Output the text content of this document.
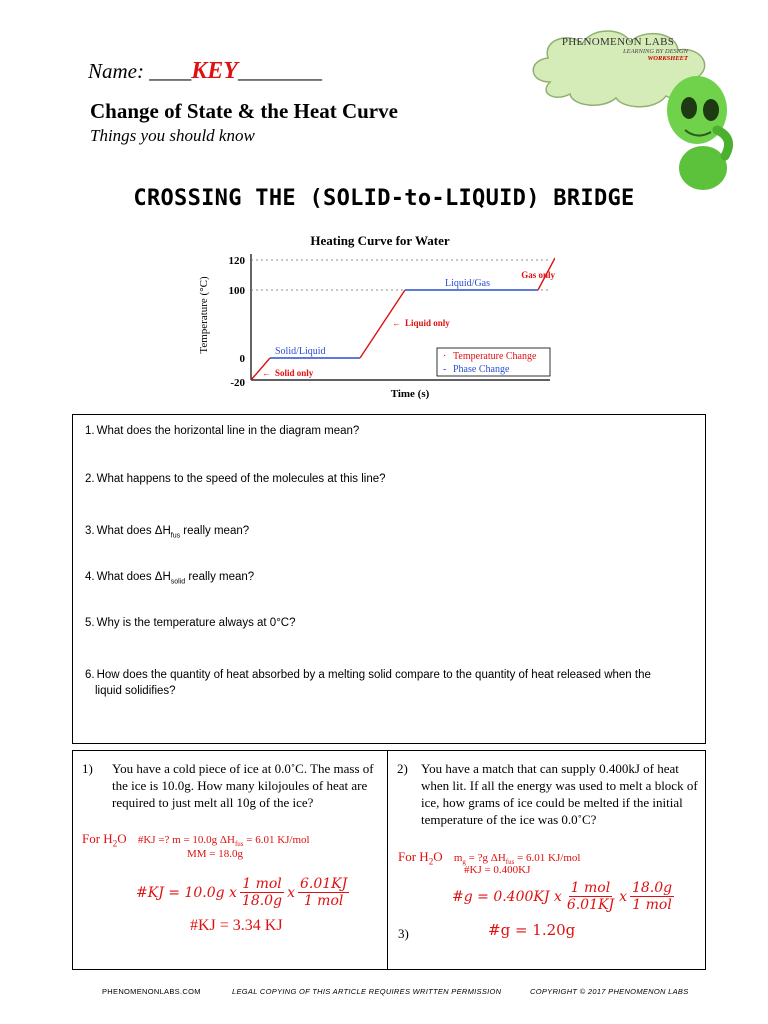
Name: ____KEY________
Change of State & the Heat Curve
Things you should know
PHENOMENON LABS
LEARNING BY DESIGN
WORKSHEET
CROSSING THE (SOLID-to-LIQUID) BRIDGE
Heating Curve for Water
120
100
0
-20
Temperature (°C)
Time (s)
Solid/Liquid
Liquid/Gas
← Solid only
← Liquid only
Gas only
· Temperature Change
- Phase Change
1. What does the horizontal line in the diagram mean?
2. What happens to the speed of the molecules at this line?
3. What does $\Delta H_{fus}$ really mean?
4. What does $\Delta H_{solid}$ really mean?
5. Why is the temperature always at 0°C?
6. How does the quantity of heat absorbed by a melting solid compare to the quantity of heat released when the
liquid solidifies?
1)	You have a cold piece of ice at 0.0˚C. The mass of the ice is 10.0g. How many kilojoules of heat are required to just melt all 10g of the ice?
For $H_2O$ #KJ =? m = 10.0g $\Delta H_{fus} = 6.01$ KJ/mol
MM = 18.0g
#KJ = 10.0g x $\frac{\text{1 mol}}{18.0g}$ x $\frac{6.01KJ}{\text{1 mol}}$
#KJ = 3.34 KJ
2)	You have a match that can supply 0.400kJ of heat when lit. If all the energy was used to melt a block of ice, how grams of ice could be melted if the initial temperature of the ice was 0.0˚C?
For $H_2O$ $m_g$ = ?g $\Delta H_{fus} = 6.01$ KJ/mol
#KJ = 0.400KJ
#g = 0.400KJ x $\frac{\text{1 mol}}{6.01KJ}$ x $\frac{18.0g}{\text{1 mol}}$
3)	#g = 1.20g
PHENOMENONLABS.COM	LEGAL COPYING OF THIS ARTICLE REQUIRES WRITTEN PERMISSION	COPYRIGHT © 2017 PHENOMENON LABS
